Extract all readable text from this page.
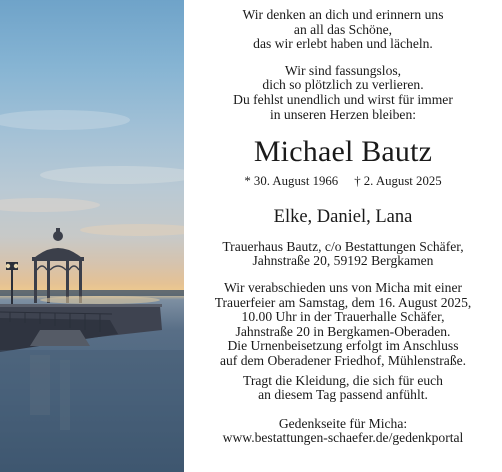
Wir denken an dich und erinnern uns
an all das Schöne,
das wir erlebt haben und lächeln.
Wir sind fassungslos,
dich so plötzlich zu verlieren.
Du fehlst unendlich und wirst für immer
in unseren Herzen bleiben:
Michael Bautz
* 30. August 1966 † 2. August 2025
Elke, Daniel, Lana
Trauerhaus Bautz, c/o Bestattungen Schäfer,
Jahnstraße 20, 59192 Bergkamen
Wir verabschieden uns von Micha mit einer
Trauerfeier am Samstag, dem 16. August 2025,
10.00 Uhr in der Trauerhalle Schäfer,
Jahnstraße 20 in Bergkamen-Oberaden.
Die Urnenbeisetzung erfolgt im Anschluss
auf dem Oberadener Friedhof, Mühlenstraße.
Tragt die Kleidung, die sich für euch
an diesem Tag passend anfühlt.
Gedenkseite für Micha:
www.bestattungen-schaefer.de/gedenkportal
